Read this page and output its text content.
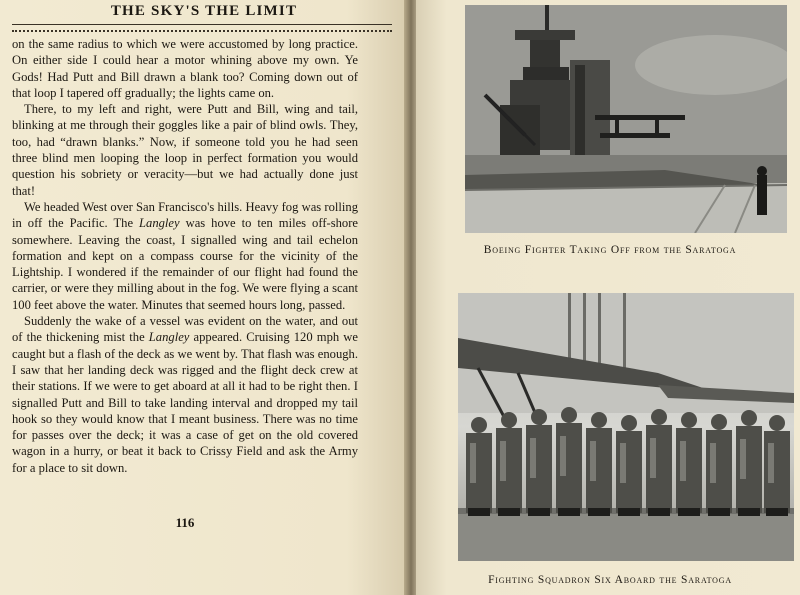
THE SKY'S THE LIMIT

on the same radius to which we were accustomed by long practice. On either side I could hear a motor whining above my own. Ye Gods! Had Putt and Bill drawn a blank too? Coming down out of that loop I tapered off gradually; the lights came on.

There, to my left and right, were Putt and Bill, wing and tail, blinking at me through their goggles like a pair of blind owls. They, too, had “drawn blanks.” Now, if someone told you he had seen three blind men looping the loop in perfect formation you would question his sobriety or veracity—but we had actually done just that!

We headed West over San Francisco's hills. Heavy fog was rolling in off the Pacific. The Langley was hove to ten miles off-shore somewhere. Leaving the coast, I signalled wing and tail echelon formation and kept on a compass course for the vicinity of the Lightship. I wondered if the remainder of our flight had found the carrier, or were they milling about in the fog. We were flying a scant 100 feet above the water. Minutes that seemed hours long, passed.

Suddenly the wake of a vessel was evident on the water, and out of the thickening mist the Langley appeared. Cruising 120 mph we caught but a flash of the deck as we went by. That flash was enough. I saw that her landing deck was rigged and the flight deck crew at their stations. If we were to get aboard at all it had to be right then. I signalled Putt and Bill to take landing interval and dropped my tail hook so they would know that I meant business. There was no time for passes over the deck; it was a case of get on the old covered wagon in a hurry, or beat it back to Crissy Field and ask the Army for a place to sit down.

116
Boeing Fighter Taking Off from the Saratoga
Fighting Squadron Six Aboard the Saratoga
